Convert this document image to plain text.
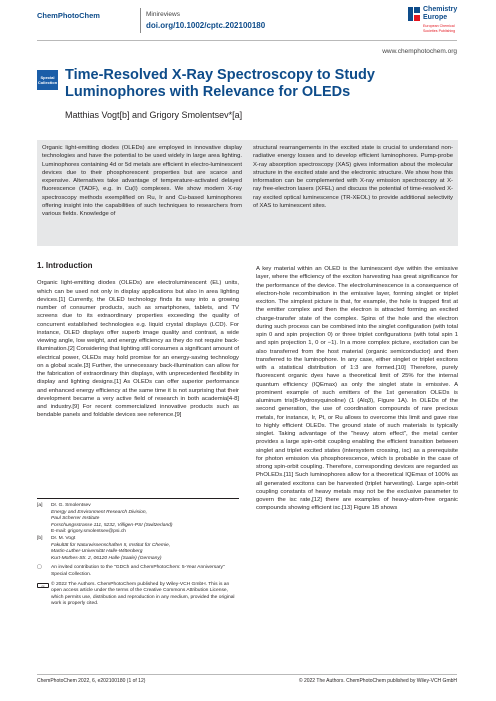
ChemPhotoChem	Minireviews
doi.org/10.1002/cptc.202100180
Chemistry
Europe
European Chemical
Societies Publishing
www.chemphotochem.org
Special
Collection Time-Resolved X-Ray Spectroscopy to Study Luminophores with Relevance for OLEDs
Matthias Vogt[b] and Grigory Smolentsev*[a]
Organic light-emitting diodes (OLEDs) are employed in innovative display technologies and have the potential to be used widely in large area lighting. Luminophores containing 4d or 5d metals are efficient in electro-luminescent devices due to their phosphorescent properties but are scarce and expensive. Alternatives take advantage of temperature-activated delayed fluorescence (TADF), e.g. in Cu(I) complexes. We show modern X-ray spectroscopy methods exemplified on Ru, Ir and Cu-based luminophores offering insight into the capabilities of such techniques to researchers from various fields. Knowledge of
structural rearrangements in the excited state is crucial to understand non-radiative energy losses and to develop efficient luminophores. Pump-probe X-ray absorption spectroscopy (XAS) gives information about the molecular structure in the excited state and the electronic structure. We show how this information can be complemented with X-ray emission spectroscopy at X-ray free-electron lasers (XFEL) and discuss the potential of time-resolved X-ray excited optical luminescence (TR-XEOL) to provide additional selectivity of XAS to luminescent sites.
1. Introduction
Organic light-emitting diodes (OLEDs) are electroluminescent (EL) units, which can be used not only in display applications but also in area lighting devices.[1] Currently, the OLED technology finds its way into a growing number of consumer products, such as smartphones, tablets, and TV screens due to its extraordinary properties exceeding the quality of concurrent established technologies e.g. liquid crystal displays (LCD). For instance, OLED displays offer superb image quality and contrast, a wide viewing angle, low weight, and energy efficiency as they do not require back-illumination.[2] Considering that lighting still consumes a significant amount of electrical power, OLEDs may hold promise for an energy-saving technology on a global scale.[3] Further, the unnecessary back-illumination can allow for the fabrication of extraordinary thin displays, with unprecedented flexibility in display and lighting designs.[1] As OLEDs can offer superior performance and enhanced energy efficiency at the same time it is not surprising that their development became a very active field of research in both academia[4-8] and industry.[9] For recent commercialized innovative products such as bendable panels and foldable devices see reference.[9]
[a]	Dr. G. Smolentsev
Energy and Environment Research Division,
Paul Scherrer Institute
Forschungsstrasse 111, 5232, Villigen-PSI (Switzerland)
E-mail: grigory.smolentsev@psi.ch
[b]	Dr. M. Vogt
Fakultät für Naturwissenschaften II, Institut für Chemie,
Martin-Luther-Universität Halle-Wittenberg
Kurt-Mothes-Str. 2, 06120 Halle (Saale) (Germany)
▢	An invited contribution to the "GDCh and ChemPhotoChem: 5-Year Anniversary" Special Collection.
cc	© 2022 The Authors. ChemPhotoChem published by Wiley-VCH GmbH. This is an open access article under the terms of the Creative Commons Attribution License, which permits use, distribution and reproduction in any medium, provided the original work is properly cited.
A key material within an OLED is the luminescent dye within the emissive layer, where the efficiency of the exciton harvesting has great significance for the performance of the device. The electroluminescence is a consequence of electron-hole recombination in the emissive layer, forming singlet or triplet exciton. The simplest picture is that, for example, the hole is trapped first at the emitter complex and then the electron is attracted forming an excited charge-transfer state of the complex. Spins of the hole and the electron during such process can be combined into the singlet configuration (with total spin 0 and spin projection 0) or three triplet configurations (with total spin 1 and spin projection 1, 0 or −1). In a more complex picture, excitation can be also transferred from the host material (organic semiconductor) and then transferred to the luminophore. In any case, either singlet or triplet excitons with a statistical distribution of 1:3 are formed.[10] Therefore, purely fluorescent organic dyes have a theoretical limit of 25% for the internal quantum efficiency (IQEmax) as only the singlet state is emissive. A prominent example of such emitters of the 1st generation OLEDs is aluminum tris(8-hydroxyquinoline) (1 (Alq3), Figure 1A). In OLEDs of the second generation, the use of coordination compounds of rare precious metals, for instance, Ir, Pt, or Ru allows to overcome this limit and gave rise to highly efficient OLEDs. The ground state of such materials is typically singlet. Taking advantage of the "heavy atom effect", the metal center provides a large spin-orbit coupling enabling the efficient transition between singlet and triplet excited states (intersystem crossing, isc) as a prerequisite for photon emission via phosphorescence, which is probable in the case of strong spin-orbit coupling. Therefore, corresponding devices are regarded as PhOLEDs.[11] Such luminophores allow for a theoretical IQEmax of 100% as all generated excitons can be harvested (triplet harvesting). Large spin-orbit coupling constants of heavy metals may not be the exclusive parameter to govern the isc rate,[12] there are examples of heavy-atom-free organic compounds showing efficient isc.[13] Figure 1B shows
ChemPhotoChem 2022, 6, e202100180 (1 of 12)	© 2022 The Authors. ChemPhotoChem published by Wiley-VCH GmbH
